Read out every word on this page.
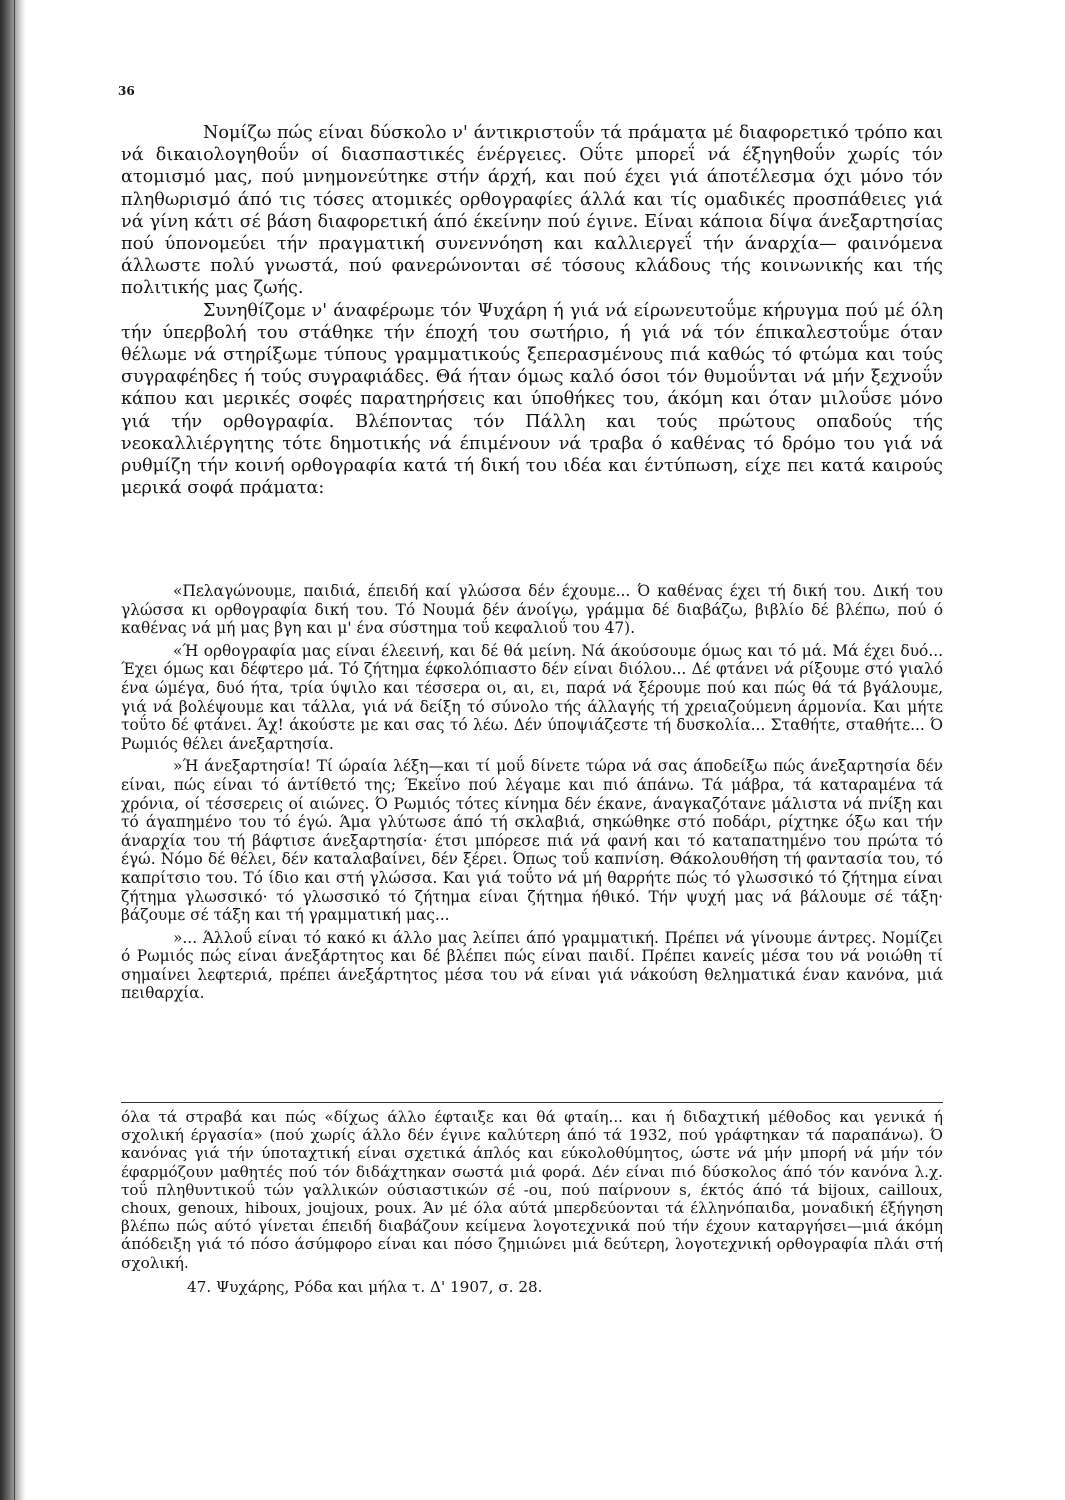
36

Νομίζω πώς είναι δύσκολο ν' άντικριστοΰν τά πράματα μέ διαφορετικό τρόπο και νά δικαιολογηθοΰν οί διασπαστικές ένέργειες. Οΰτε μπορεΐ νά έξηγηθοΰν χωρίς τόν ατομισμό μας, πού μνημονεύτηκε στήν άρχή, και πού έχει γιά άποτέλεσμα όχι μόνο τόν πληθωρισμό άπό τις τόσες ατομικές ορθογραφίες άλλά και τίς ομαδικές προσπάθειες γιά νά γίνη κάτι σέ βάση διαφορετική άπό έκείνην πού έγινε. Είναι κάποια δίψα άνεξαρτησίας πού ύπονομεύει τήν πραγματική συνεννόηση και καλλιεργεΐ τήν άναρχία— φαινόμενα άλλωστε πολύ γνωστά, πού φανερώνονται σέ τόσους κλάδους τής κοινωνικής και τής πολιτικής μας ζωής.

Συνηθίζομε ν' άναφέρωμε τόν Ψυχάρη ή γιά νά είρωνευτοΰμε κήρυγμα πού μέ όλη τήν ύπερβολή του στάθηκε τήν έποχή του σωτήριο, ή γιά νά τόν έπικαλεστοΰμε όταν θέλωμε νά στηρίξωμε τύπους γραμματικούς ξεπερασμένους πιά καθώς τό φτώμα και τούς συγραφέηδες ή τούς συγραφιάδες. Θά ήταν όμως καλό όσοι τόν θυμοΰνται νά μήν ξεχνοΰν κάπου και μερικές σοφές παρατηρήσεις και ύποθήκες του, άκόμη και όταν μιλοΰσε μόνο γιά τήν ορθογραφία. Βλέποντας τόν Πάλλη και τούς πρώτους οπαδούς τής νεοκαλλιέργητης τότε δημοτικής νά έπιμένουν νά τραβα ό καθένας τό δρόμο του γιά νά ρυθμίζη τήν κοινή ορθογραφία κατά τή δική του ιδέα και έντύπωση, είχε πει κατά καιρούς μερικά σοφά πράματα:

«Πελαγώνουμε, παιδιά, έπειδή καί γλώσσα δέν έχουμε... Ό καθένας έχει τή δική του. Δική του γλώσσα κι ορθογραφία δική του. Τό Νουμά δέν άνοίγω, γράμμα δέ διαβάζω, βιβλίο δέ βλέπω, πού ό καθένας νά μή μας βγη και μ' ένα σύστημα τοΰ κεφαλιοΰ του 47).

«Ή ορθογραφία μας είναι έλεεινή, και δέ θά μείνη. Νά άκούσουμε όμως και τό μά. Μά έχει δυό... Έχει όμως και δέφτερο μά. Τό ζήτημα έφκολόπιαστο δέν είναι διόλου... Δέ φτάνει νά ρίξουμε στό γιαλό ένα ώμέγα, δυό ήτα, τρία ύψιλο και τέσσερα οι, αι, ει, παρά νά ξέρουμε πού και πώς θά τά βγάλουμε, γιά νά βολέψουμε και τάλλα, γιά νά δείξη τό σύνολο τής άλλαγής τή χρειαζούμενη άρμονία. Και μήτε τοΰτο δέ φτάνει. Άχ! άκούστε με και σας τό λέω. Δέν ύποψιάζεστε τή δυσκολία... Σταθήτε, σταθήτε... Ό Ρωμιός θέλει άνεξαρτησία.

»Ή άνεξαρτησία! Τί ώραία λέξη—και τί μοΰ δίνετε τώρα νά σας άποδείξω πώς άνεξαρτησία δέν είναι, πώς είναι τό άντίθετό της; Έκεΐνο πού λέγαμε και πιό άπάνω. Τά μάβρα, τά καταραμένα τά χρόνια, οί τέσσερεις οί αιώνες. Ό Ρωμιός τότες κίνημα δέν έκανε, άναγκαζότανε μάλιστα νά πνίξη και τό άγαπημένο του τό έγώ. Άμα γλύτωσε άπό τή σκλαβιά, σηκώθηκε στό ποδάρι, ρίχτηκε όξω και τήν άναρχία του τή βάφτισε άνεξαρτησία· έτσι μπόρεσε πιά νά φανή και τό καταπατημένο του πρώτα τό έγώ. Νόμο δέ θέλει, δέν καταλαβαίνει, δέν ξέρει. Όπως τοΰ καπνίση. Θάκολουθήση τή φαντασία του, τό καπρίτσιο του. Τό ίδιο και στή γλώσσα. Και γιά τοΰτο νά μή θαρρήτε πώς τό γλωσσικό τό ζήτημα είναι ζήτημα γλωσσικό· τό γλωσσικό τό ζήτημα είναι ζήτημα ήθικό. Τήν ψυχή μας νά βάλουμε σέ τάξη· βάζουμε σέ τάξη και τή γραμματική μας...

»... Άλλοΰ είναι τό κακό κι άλλο μας λείπει άπό γραμματική. Πρέπει νά γίνουμε άντρες. Νομίζει ό Ρωμιός πώς είναι άνεξάρτητος και δέ βλέπει πώς είναι παιδί. Πρέπει κανείς μέσα του νά νοιώθη τί σημαίνει λεφτεριά, πρέπει άνεξάρτητος μέσα του νά είναι γιά νάκούση θεληματικά έναν κανόνα, μιά πειθαρχία.

όλα τά στραβά και πώς «δίχως άλλο έφταιξε και θά φταίη... και ή διδαχτική μέθοδος και γενικά ή σχολική έργασία» (πού χωρίς άλλο δέν έγινε καλύτερη άπό τά 1932, πού γράφτηκαν τά παραπάνω). Ό κανόνας γιά τήν ύποταχτική είναι σχετικά άπλός και εύκολοθύμητος, ώστε νά μήν μπορή νά μήν τόν έφαρμόζουν μαθητές πού τόν διδάχτηκαν σωστά μιά φορά. Δέν είναι πιό δύσκολος άπό τόν κανόνα λ.χ. τοΰ πληθυντικοΰ τών γαλλικών ούσιαστικών σέ -ou, πού παίρνουν s, έκτός άπό τά bijoux, cailloux, choux, genoux, hiboux, joujoux, poux. Άν μέ όλα αύτά μπερδεύονται τά έλληνόπαιδα, μοναδική έξήγηση βλέπω πώς αύτό γίνεται έπειδή διαβάζουν κείμενα λογοτεχνικά πού τήν έχουν καταργήσει—μιά άκόμη άπόδειξη γιά τό πόσο άσύμφορο είναι και πόσο ζημιώνει μιά δεύτερη, λογοτεχνική ορθογραφία πλάι στή σχολική.

47. Ψυχάρης, Ρόδα και μήλα τ. Δ' 1907, σ. 28.
